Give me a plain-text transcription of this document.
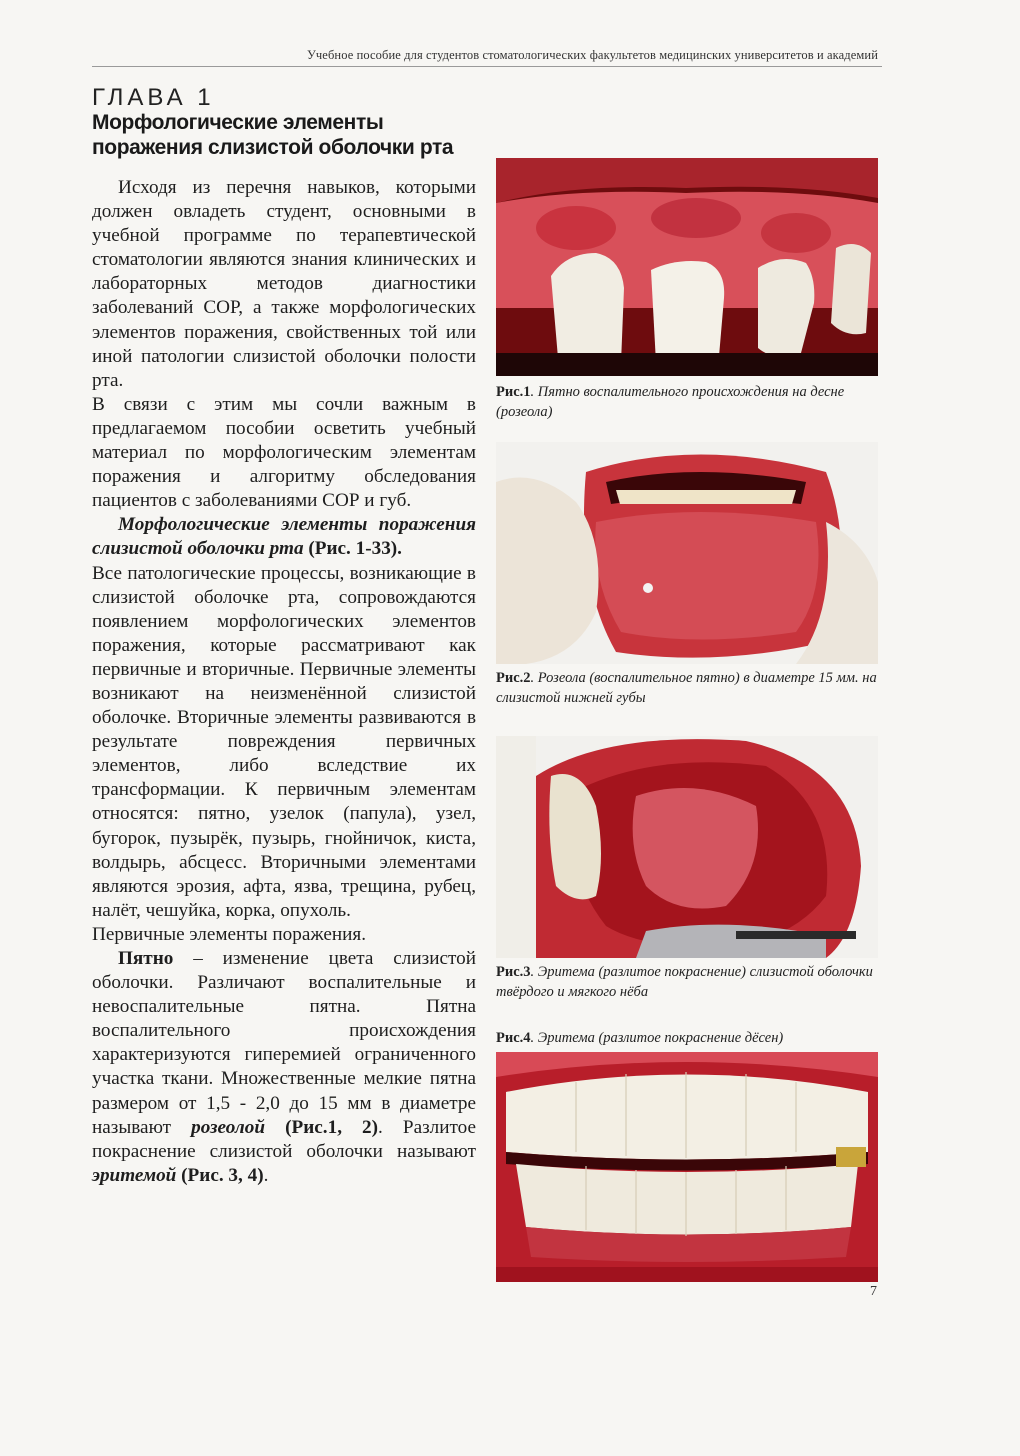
Учебное пособие для студентов стоматологических факультетов медицинских университетов и академий
ГЛАВА 1
Морфологические элементы
поражения слизистой оболочки рта

Исходя из перечня навыков, которыми должен овладеть студент, основными в учебной программе по терапевтической стоматологии являются знания клинических и лабораторных методов диагностики заболеваний СОР, а также морфологических элементов поражения, свойственных той или иной патологии слизистой оболочки полости рта.

В связи с этим мы сочли важным в предлагаемом пособии осветить учебный материал по морфологическим элементам поражения и алгоритму обследования пациентов с заболеваниями СОР и губ.

Морфологические элементы поражения слизистой оболочки рта (Рис. 1-33).

Все патологические процессы, возникающие в слизистой оболочке рта, сопровождаются появлением морфологических элементов поражения, которые рассматривают как первичные и вторичные. Первичные элементы возникают на неизменённой слизистой оболочке. Вторичные элементы развиваются в результате повреждения первичных элементов, либо вследствие их трансформации. К первичным элементам относятся: пятно, узелок (папула), узел, бугорок, пузырёк, пузырь, гнойничок, киста, волдырь, абсцесс. Вторичными элементами являются эрозия, афта, язва, трещина, рубец, налёт, чешуйка, корка, опухоль.

Первичные элементы поражения.

Пятно – изменение цвета слизистой оболочки. Различают воспалительные и невоспалительные пятна. Пятна воспалительного происхождения характеризуются гиперемией ограниченного участка ткани. Множественные мелкие пятна размером от 1,5 - 2,0 до 15 мм в диаметре называют розеолой (Рис.1, 2). Разлитое покраснение слизистой оболочки называют эритемой (Рис. 3, 4).

Рис.1. Пятно воспалительного происхождения на десне (розеола)
Рис.2. Розеола (воспалительное пятно) в диаметре 15 мм. на слизистой нижней губы
Рис.3. Эритема (разлитое покраснение) слизистой оболочки твёрдого и мягкого нёба
Рис.4. Эритема (разлитое покраснение дёсен)
7
